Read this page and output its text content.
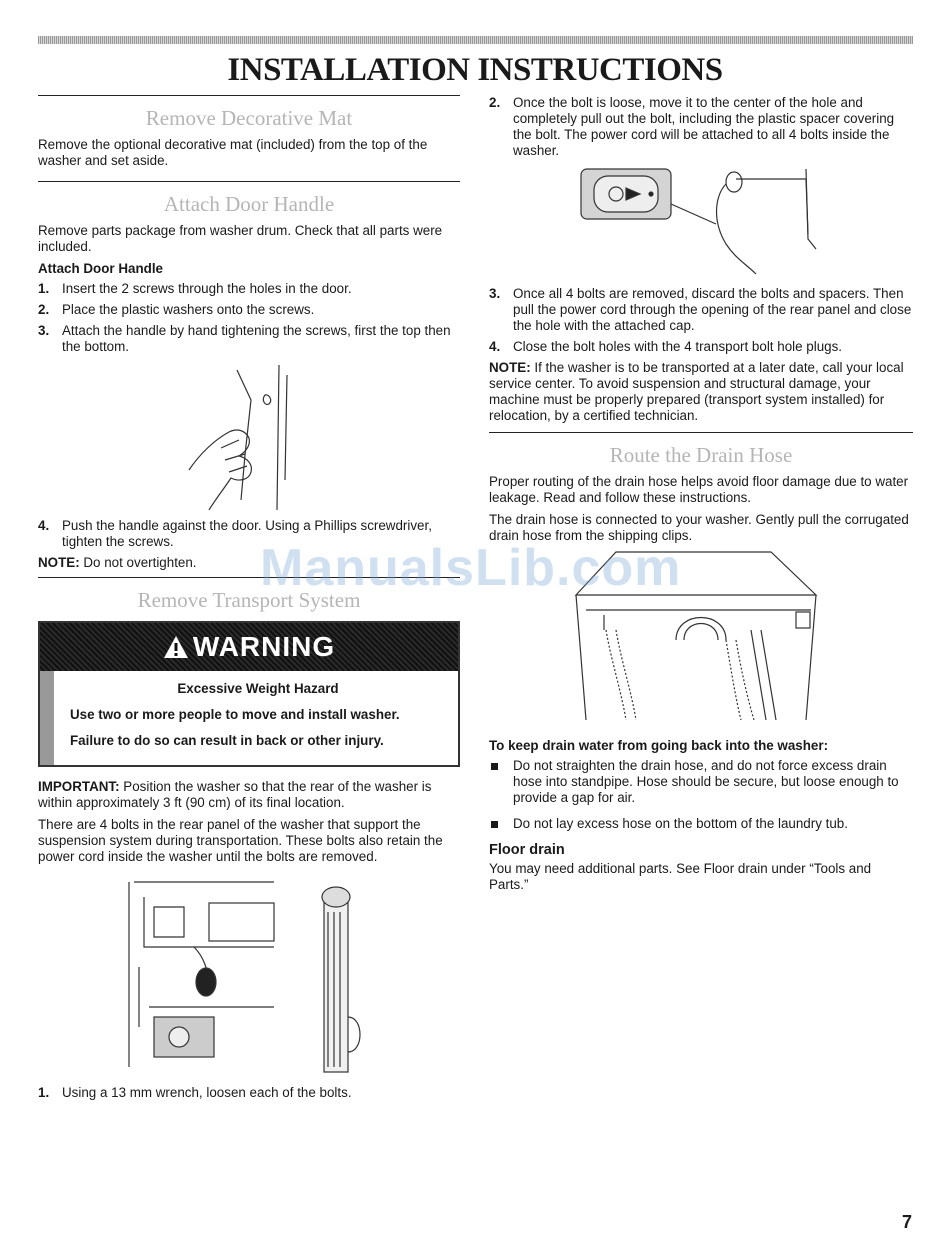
INSTALLATION INSTRUCTIONS
Remove Decorative Mat

Remove the optional decorative mat (included) from the top of the washer and set aside.

Attach Door Handle

Remove parts package from washer drum. Check that all parts were included.

Attach Door Handle
1. Insert the 2 screws through the holes in the door.
2. Place the plastic washers onto the screws.
3. Attach the handle by hand tightening the screws, first the top then the bottom.
4. Push the handle against the door. Using a Phillips screwdriver, tighten the screws.

NOTE: Do not overtighten.

Remove Transport System
WARNING

Excessive Weight Hazard

Use two or more people to move and install washer.

Failure to do so can result in back or other injury.

IMPORTANT: Position the washer so that the rear of the washer is within approximately 3 ft (90 cm) of its final location.

There are 4 bolts in the rear panel of the washer that support the suspension system during transportation. These bolts also retain the power cord inside the washer until the bolts are removed.

1. Using a 13 mm wrench, loosen each of the bolts.
2. Once the bolt is loose, move it to the center of the hole and completely pull out the bolt, including the plastic spacer covering the bolt. The power cord will be attached to all 4 bolts inside the washer.
3. Once all 4 bolts are removed, discard the bolts and spacers. Then pull the power cord through the opening of the rear panel and close the hole with the attached cap.
4. Close the bolt holes with the 4 transport bolt hole plugs.

NOTE: If the washer is to be transported at a later date, call your local service center. To avoid suspension and structural damage, your machine must be properly prepared (transport system installed) for relocation, by a certified technician.

Route the Drain Hose

Proper routing of the drain hose helps avoid floor damage due to water leakage. Read and follow these instructions.

The drain hose is connected to your washer. Gently pull the corrugated drain hose from the shipping clips.

To keep drain water from going back into the washer:
Do not straighten the drain hose, and do not force excess drain hose into standpipe. Hose should be secure, but loose enough to provide a gap for air.
Do not lay excess hose on the bottom of the laundry tub.
Floor drain

You may need additional parts. See Floor drain under “Tools and Parts.”

ManualsLib.com
7
